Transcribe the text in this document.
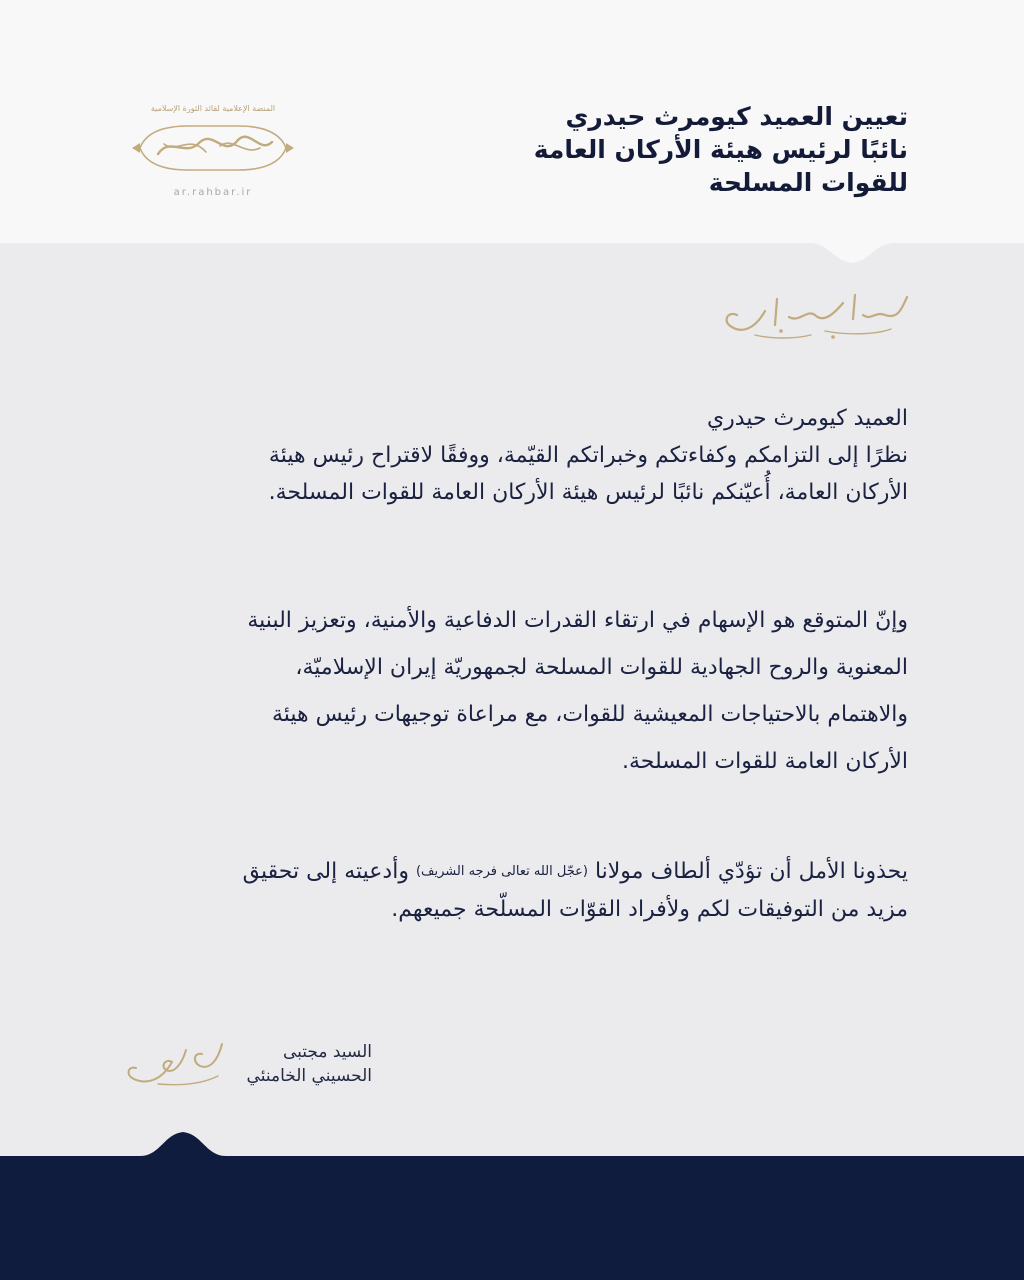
تعيين العميد كيومرث حيدري
نائبًا لرئيس هيئة الأركان العامة
للقوات المسلحة
المنصة الإعلامية لقائد الثورة الإسلامية
ar.rahbar.ir
العميد كيومرث حيدري
نظرًا إلى التزامكم وكفاءتكم وخبراتكم القيّمة، ووفقًا لاقتراح رئيس هيئة
الأركان العامة، أُعيّنكم نائبًا لرئيس هيئة الأركان العامة للقوات المسلحة.
وإنّ المتوقع هو الإسهام في ارتقاء القدرات الدفاعية والأمنية، وتعزيز البنية
المعنوية والروح الجهادية للقوات المسلحة لجمهوريّة إيران الإسلاميّة،
والاهتمام بالاحتياجات المعيشية للقوات، مع مراعاة توجيهات رئيس هيئة
الأركان العامة للقوات المسلحة.
يحذونا الأمل أن تؤدّي ألطاف مولانا (عجّل الله تعالى فرجه الشريف) وأدعيته إلى تحقيق
مزيد من التوفيقات لكم ولأفراد القوّات المسلّحة جميعهم.
السيد مجتبى
الحسيني الخامنئي
